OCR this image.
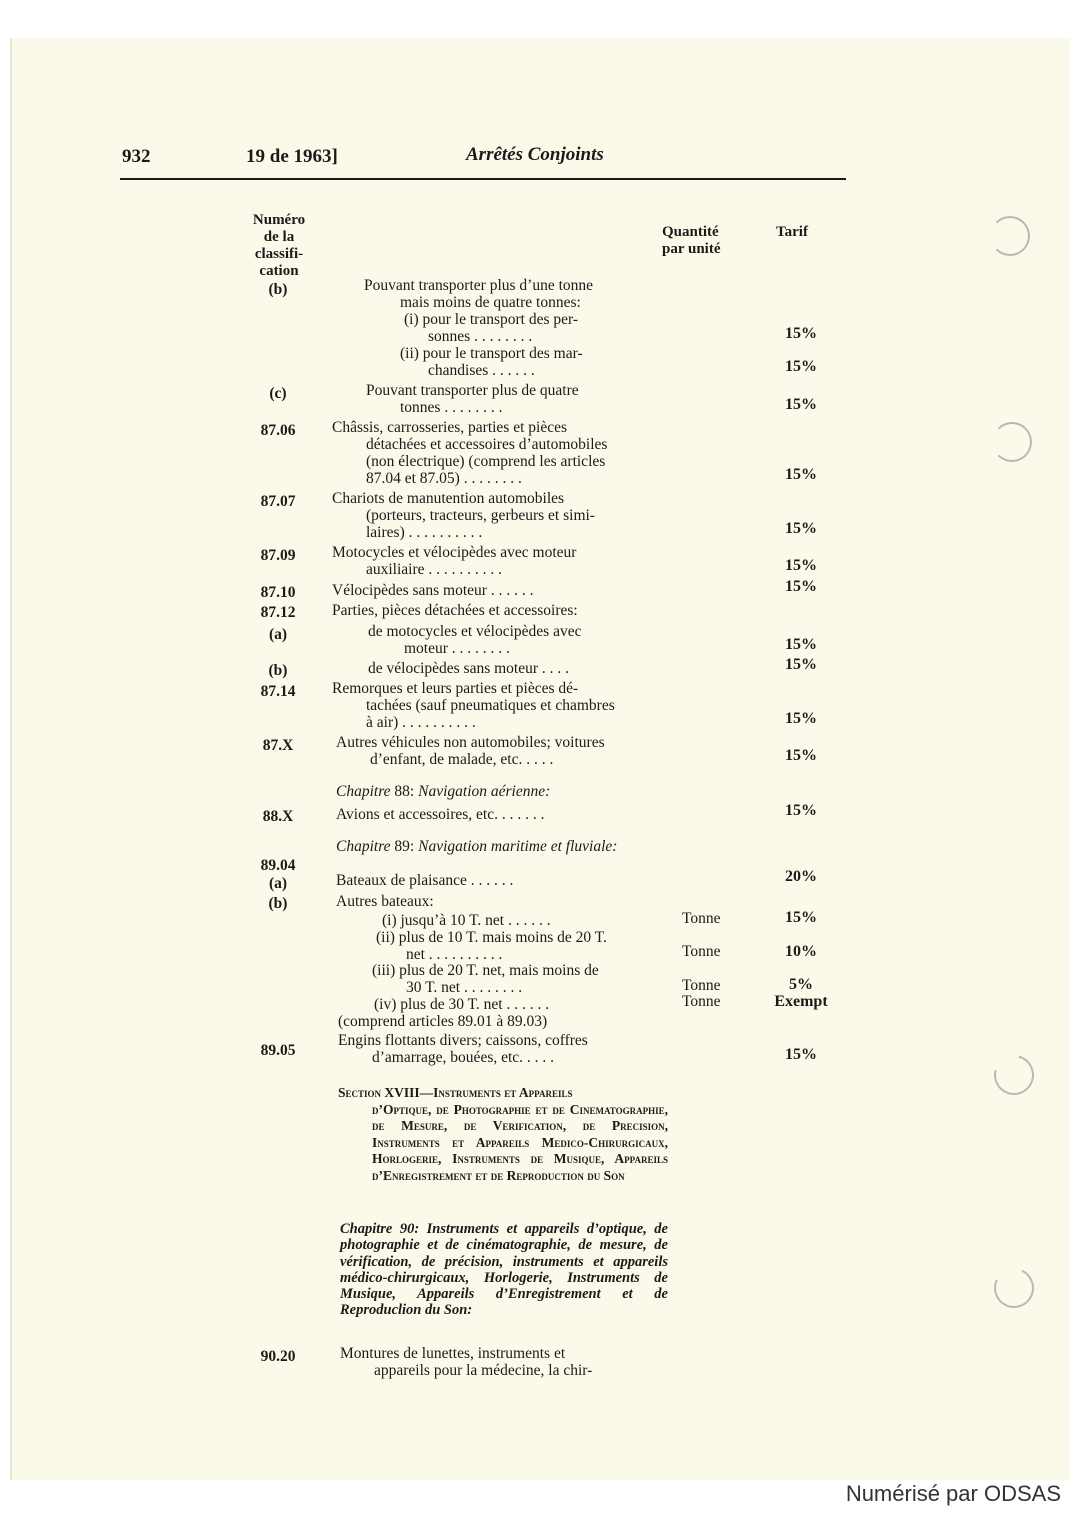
932	19 de 1963]	Arrêtés Conjoints
Numéro de la classifi- cation
Quantité par unité
Tarif
Pouvant transporter plus d’une tonne
mais moins de quatre tonnes:
(i) pour le transport des per-
sonnes . . . . . . . .
(ii) pour le transport des mar-
chandises . . . . . .
Pouvant transporter plus de quatre
tonnes . . . . . . . .
Châssis, carrosseries, parties et pièces
détachées et accessoires d’automobiles
(non électrique) (comprend les articles
87.04 et 87.05) . . . . . . . .
Chariots de manutention automobiles
(porteurs, tracteurs, gerbeurs et simi-
laires) . . . . . . . . . .
Motocycles et vélocipèdes avec moteur
auxiliaire . . . . . . . . . .
Vélocipèdes sans moteur . . . . . .
Parties, pièces détachées et accessoires:
de motocycles et vélocipèdes avec
moteur . . . . . . . .
de vélocipèdes sans moteur . . . .
Remorques et leurs parties et pièces dé-
tachées (sauf pneumatiques et chambres
à air) . . . . . . . . . .
Autres véhicules non automobiles; voitures
d’enfant, de malade, etc. . . . .
Avions et accessoires, etc. . . . . . .
Bateaux de plaisance . . . . . .
Autres bateaux:
(i) jusqu’à 10 T. net . . . . . .
(ii) plus de 10 T. mais moins de 20 T.
net . . . . . . . . . .
(iii) plus de 20 T. net, mais moins de
30 T. net . . . . . . . .
(iv) plus de 30 T. net . . . . . .
(comprend articles 89.01 à 89.03)
Engins flottants divers; caissons, coffres
d’amarrage, bouées, etc. . . . .
Montures de lunettes, instruments et
appareils pour la médecine, la chir-
(b)
(c)
87.06
87.07
87.09
87.10
87.12
(a)
(b)
87.14
87.X
88.X
89.04
(a)
(b)
89.05
90.20
15%
15%
15%
15%
15%
15%
15%
15%
15%
15%
15%
15%
20%
15%
10%
5%
Exempt
15%
Tonne
Tonne
Tonne
Tonne
Chapitre 88: Navigation aérienne:
Chapitre 89: Navigation maritime et fluviale:
Section XVIII—Instruments et Appareils
d’Optique, de Photographie et de Cinematographie, de Mesure, de Verification, de Precision, Instruments et Appareils Medico-Chirurgicaux, Horlogerie, Instruments de Musique, Appareils d’Enregistrement et de Reproduction du Son
Chapitre 90: Instruments et appareils d’optique, de photographie et de cinématographie, de mesure, de vérification, de précision, instruments et appareils médico-chirurgicaux, Horlogerie, Instruments de Musique, Appareils d’Enregistrement et de Reproduclion du Son:
Numérisé par ODSAS
